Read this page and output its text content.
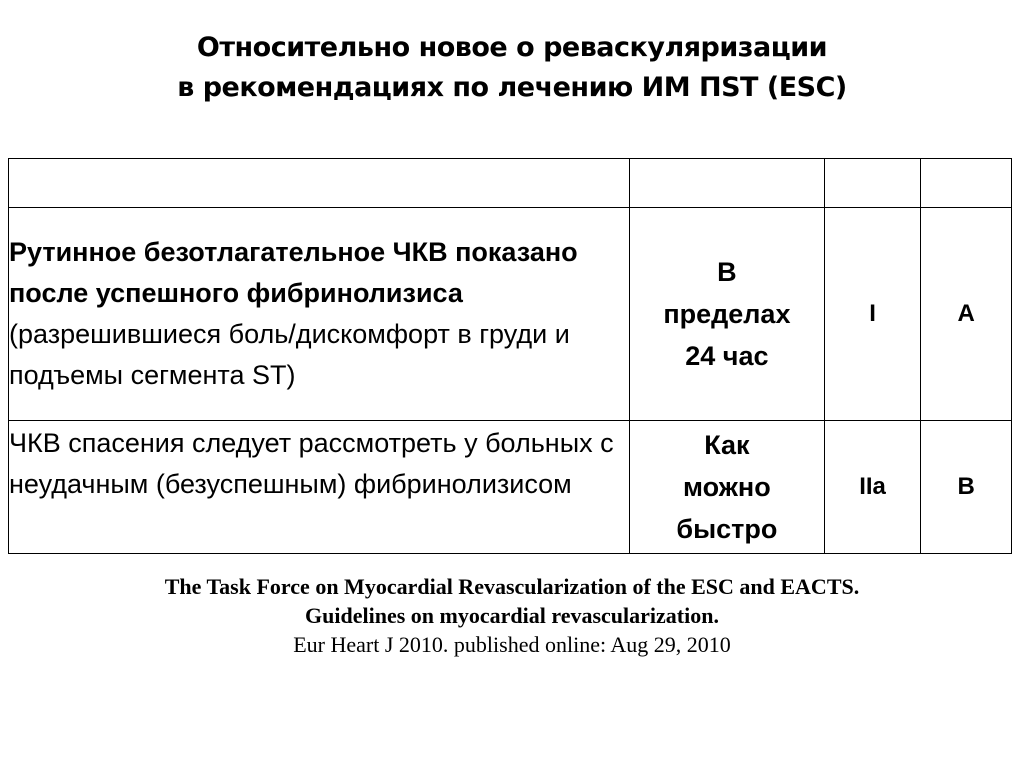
Относительно новое о реваскуляризации
в рекомендациях по лечению ИМ ПST (ESC)

Рутинное безотлагательное ЧКВ показано после успешного фибринолизиса (разрешившиеся боль/дискомфорт в груди и подъемы сегмента ST)	В
пределах
24 час	I	A
ЧКВ спасения следует рассмотреть у больных с неудачным (безуспешным) фибринолизисом	Как
можно
быстро	IIa	B
The Task Force on Myocardial Revascularization of the ESC and EACTS.
Guidelines on myocardial revascularization.
Eur Heart J 2010. published online: Aug 29, 2010
